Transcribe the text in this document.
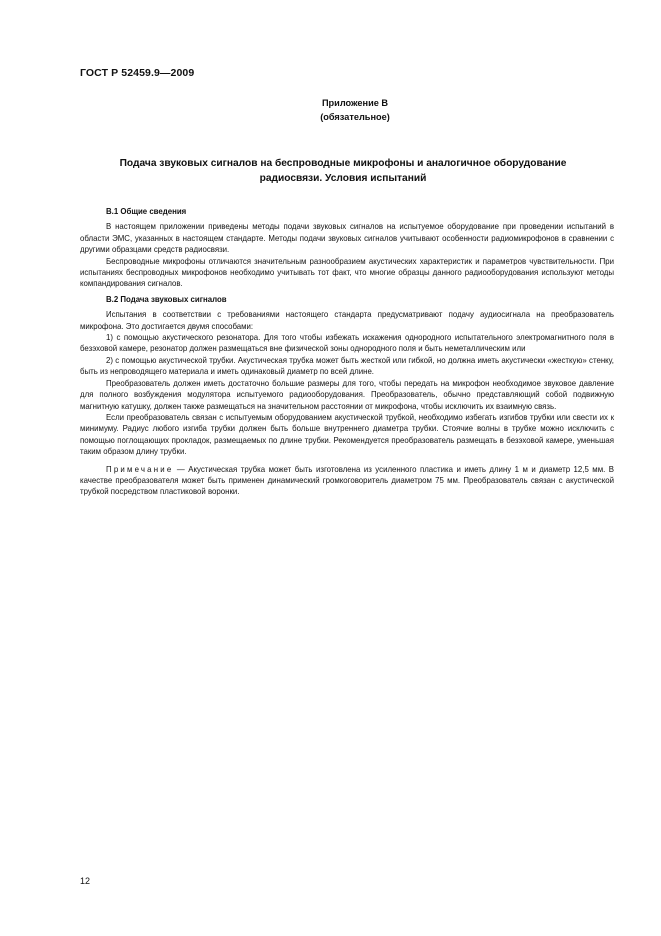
ГОСТ Р 52459.9—2009
Приложение В
(обязательное)
Подача звуковых сигналов на беспроводные микрофоны и аналогичное оборудование
радиосвязи. Условия испытаний
В.1 Общие сведения

В настоящем приложении приведены методы подачи звуковых сигналов на испытуемое оборудование при проведении испытаний в области ЭМС, указанных в настоящем стандарте. Методы подачи звуковых сигналов учитывают особенности радиомикрофонов в сравнении с другими образцами средств радиосвязи.

Беспроводные микрофоны отличаются значительным разнообразием акустических характеристик и параметров чувствительности. При испытаниях беспроводных микрофонов необходимо учитывать тот факт, что многие образцы данного радиооборудования используют методы компандирования сигналов.

В.2 Подача звуковых сигналов

Испытания в соответствии с требованиями настоящего стандарта предусматривают подачу аудиосигнала на преобразователь микрофона. Это достигается двумя способами:

1) с помощью акустического резонатора. Для того чтобы избежать искажения однородного испытательного электромагнитного поля в безэховой камере, резонатор должен размещаться вне физической зоны однородного поля и быть неметаллическим или

2) с помощью акустической трубки. Акустическая трубка может быть жесткой или гибкой, но должна иметь акустически «жесткую» стенку, быть из непроводящего материала и иметь одинаковый диаметр по всей длине.

Преобразователь должен иметь достаточно большие размеры для того, чтобы передать на микрофон необходимое звуковое давление для полного возбуждения модулятора испытуемого радиооборудования. Преобразователь, обычно представляющий собой подвижную магнитную катушку, должен также размещаться на значительном расстоянии от микрофона, чтобы исключить их взаимную связь.

Если преобразователь связан с испытуемым оборудованием акустической трубкой, необходимо избегать изгибов трубки или свести их к минимуму. Радиус любого изгиба трубки должен быть больше внутреннего диаметра трубки. Стоячие волны в трубке можно исключить с помощью поглощающих прокладок, размещаемых по длине трубки. Рекомендуется преобразователь размещать в безэховой камере, уменьшая таким образом длину трубки.

Примечание — Акустическая трубка может быть изготовлена из усиленного пластика и иметь длину 1 м и диаметр 12,5 мм. В качестве преобразователя может быть применен динамический громкоговоритель диаметром 75 мм. Преобразователь связан с акустической трубкой посредством пластиковой воронки.

12
